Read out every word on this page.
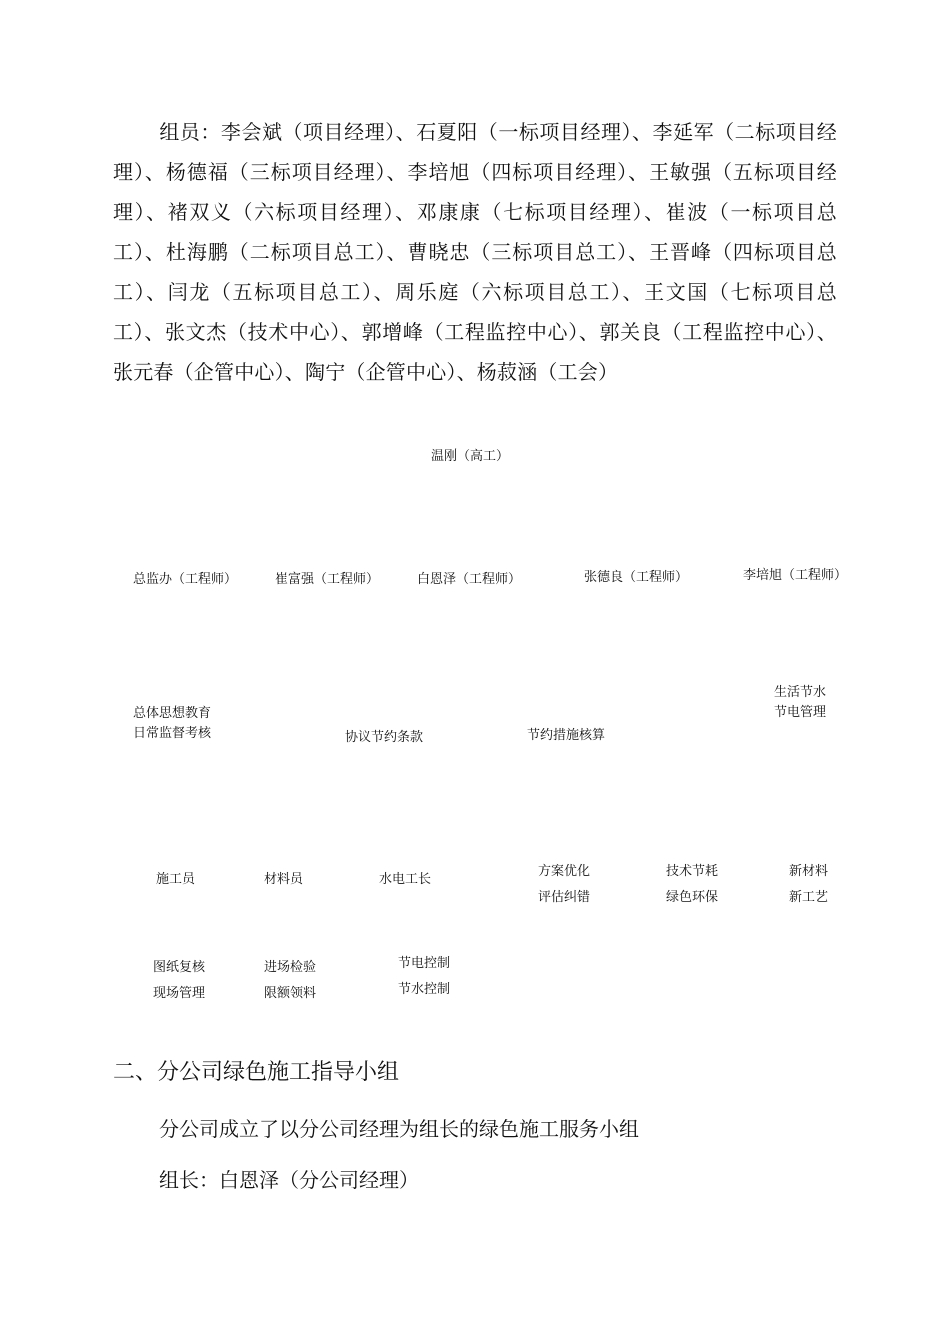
组员：李会斌（项目经理）、石夏阳（一标项目经理）、李延军（二标项目经理）、杨德福（三标项目经理）、李培旭（四标项目经理）、王敏强（五标项目经理）、褚双义（六标项目经理）、邓康康（七标项目经理）、崔波（一标项目总工）、杜海鹏（二标项目总工）、曹晓忠（三标项目总工）、王晋峰（四标项目总工）、闫龙（五标项目总工）、周乐庭（六标项目总工）、王文国（七标项目总工）、张文杰（技术中心）、郭增峰（工程监控中心）、郭关良（工程监控中心）、张元春（企管中心）、陶宁（企管中心）、杨菽涵（工会）
温刚（高工）
总监办（工程师）	崔富强（工程师）	白恩泽（工程师）	张德良（工程师）	李培旭（工程师）
总体思想教育
日常监督考核	协议节约条款	节约措施核算
生活节水
节电管理
施工员	材料员	水电工长
方案优化
评估纠错
技术节耗
绿色环保
新材料
新工艺
图纸复核
现场管理
进场检验
限额领料
节电控制
节水控制
二、分公司绿色施工指导小组
分公司成立了以分公司经理为组长的绿色施工服务小组
组长：白恩泽（分公司经理）
